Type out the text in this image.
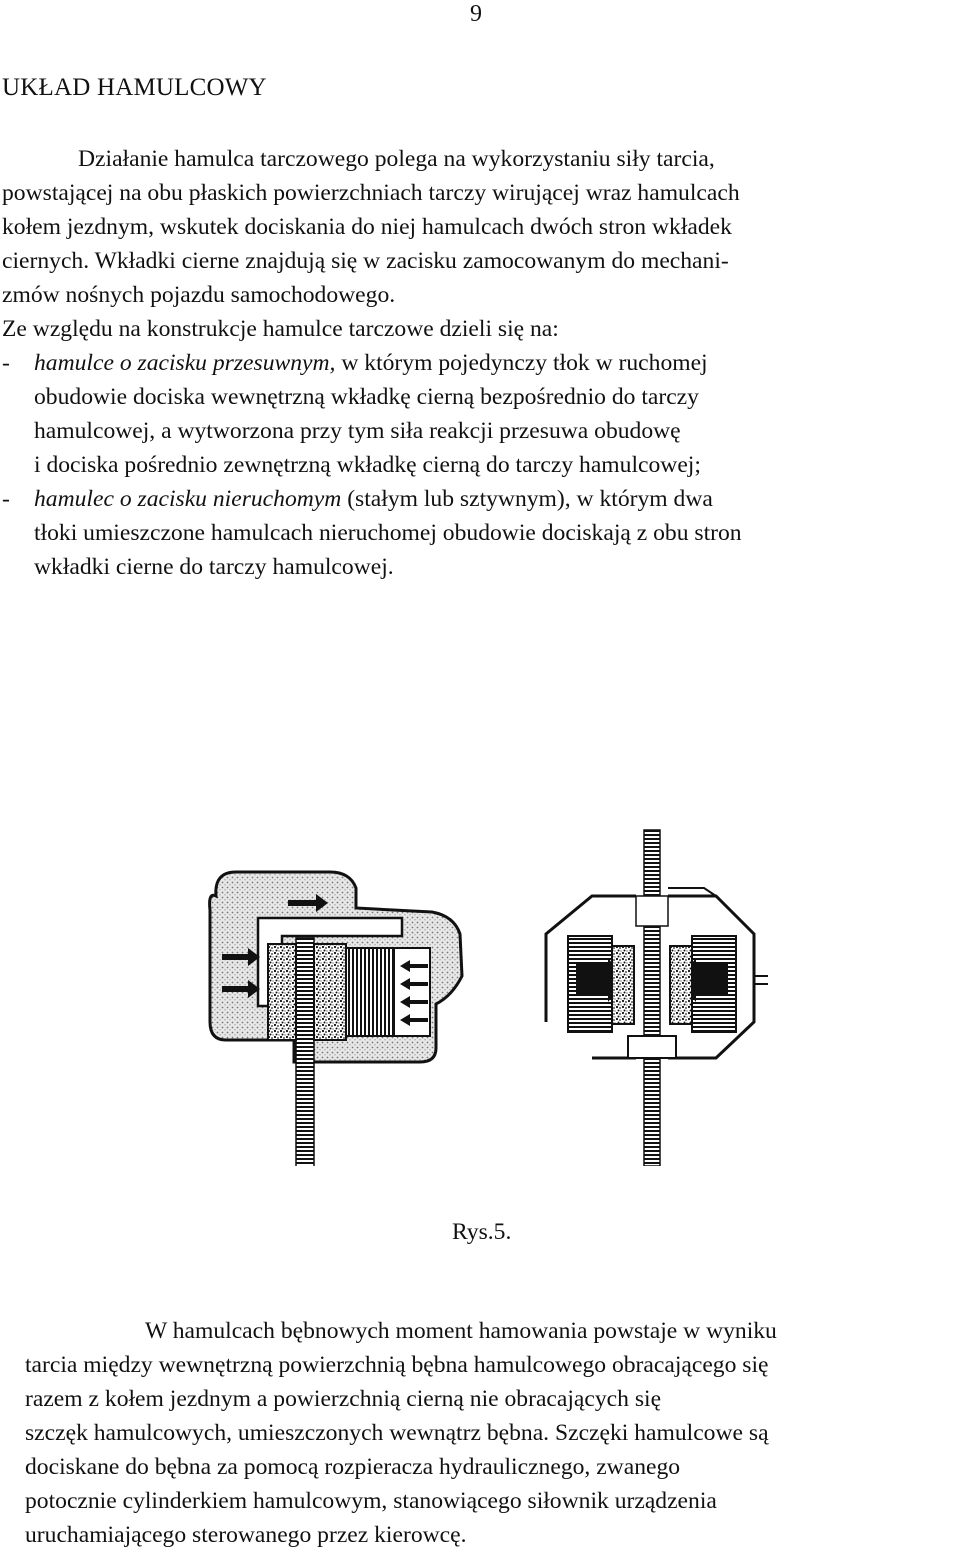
9
UKŁAD HAMULCOWY
Działanie hamulca tarczowego polega na wykorzystaniu siły tarcia,
powstającej na obu płaskich powierzchniach tarczy wirującej wraz hamulcach
kołem jezdnym, wskutek dociskania do niej hamulcach dwóch stron wkładek
ciernych. Wkładki cierne znajdują się w zacisku zamocowanym do mechani-
zmów nośnych pojazdu samochodowego.
Ze względu na konstrukcje hamulce tarczowe dzieli się na:
- hamulce o zacisku przesuwnym, w którym pojedynczy tłok w ruchomej
obudowie dociska wewnętrzną wkładkę cierną bezpośrednio do tarczy
hamulcowej, a wytworzona przy tym siła reakcji przesuwa obudowę
i dociska pośrednio zewnętrzną wkładkę cierną do tarczy hamulcowej;
- hamulec o zacisku nieruchomym (stałym lub sztywnym), w którym dwa
tłoki umieszczone hamulcach nieruchomej obudowie dociskają z obu stron
wkładki cierne do tarczy hamulcowej.
Rys.5.
W hamulcach bębnowych moment hamowania powstaje w wyniku
tarcia między wewnętrzną powierzchnią bębna hamulcowego obracającego się
razem z kołem jezdnym a powierzchnią cierną nie obracających się
szczęk hamulcowych, umieszczonych wewnątrz bębna. Szczęki hamulcowe są
dociskane do bębna za pomocą rozpieracza hydraulicznego, zwanego
potocznie cylinderkiem hamulcowym, stanowiącego siłownik urządzenia
uruchamiającego sterowanego przez kierowcę.
